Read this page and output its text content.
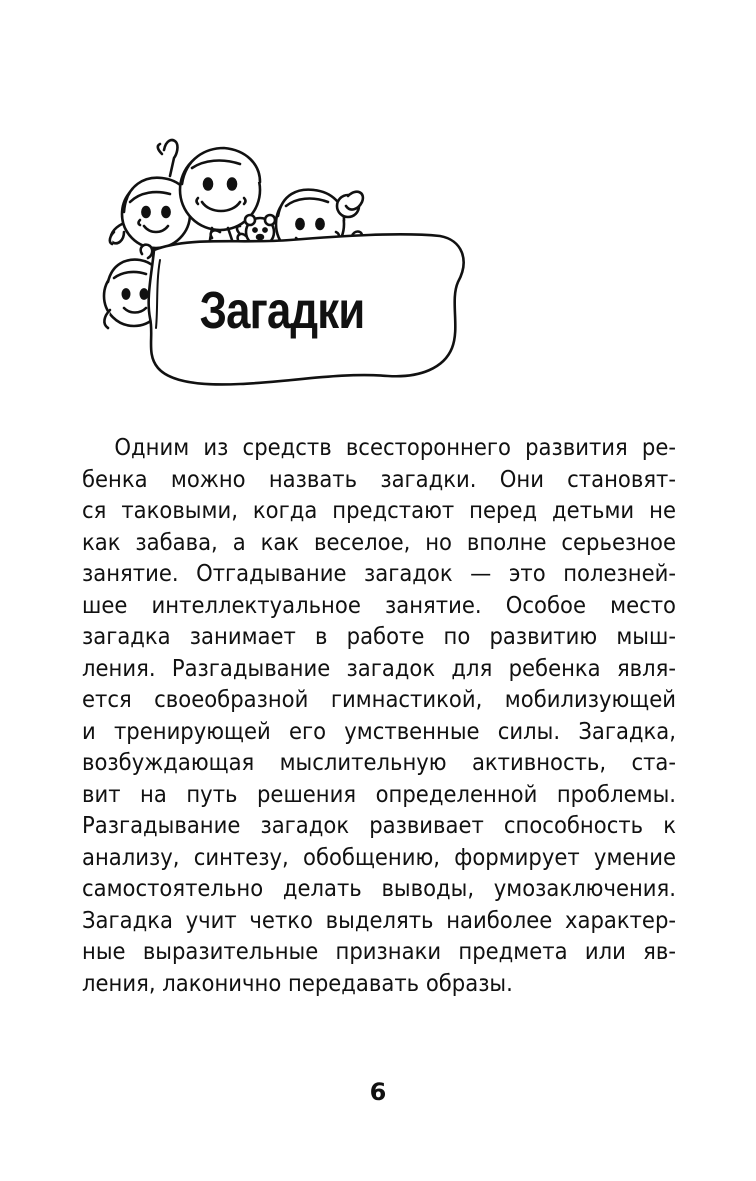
Загадки
Одним из средств всестороннего развития ре-
бенка можно назвать загадки. Они становят-
ся таковыми, когда предстают перед детьми не
как забава, а как веселое, но вполне серьезное
занятие. Отгадывание загадок — это полезней-
шее интеллектуальное занятие. Особое место
загадка занимает в работе по развитию мыш-
ления. Разгадывание загадок для ребенка явля-
ется своеобразной гимнастикой, мобилизующей
и тренирующей его умственные силы. Загадка,
возбуждающая мыслительную активность, ста-
вит на путь решения определенной проблемы.
Разгадывание загадок развивает способность к
анализу, синтезу, обобщению, формирует умение
самостоятельно делать выводы, умозаключения.
Загадка учит четко выделять наиболее характер-
ные выразительные признаки предмета или яв-
ления, лаконично передавать образы.
6
